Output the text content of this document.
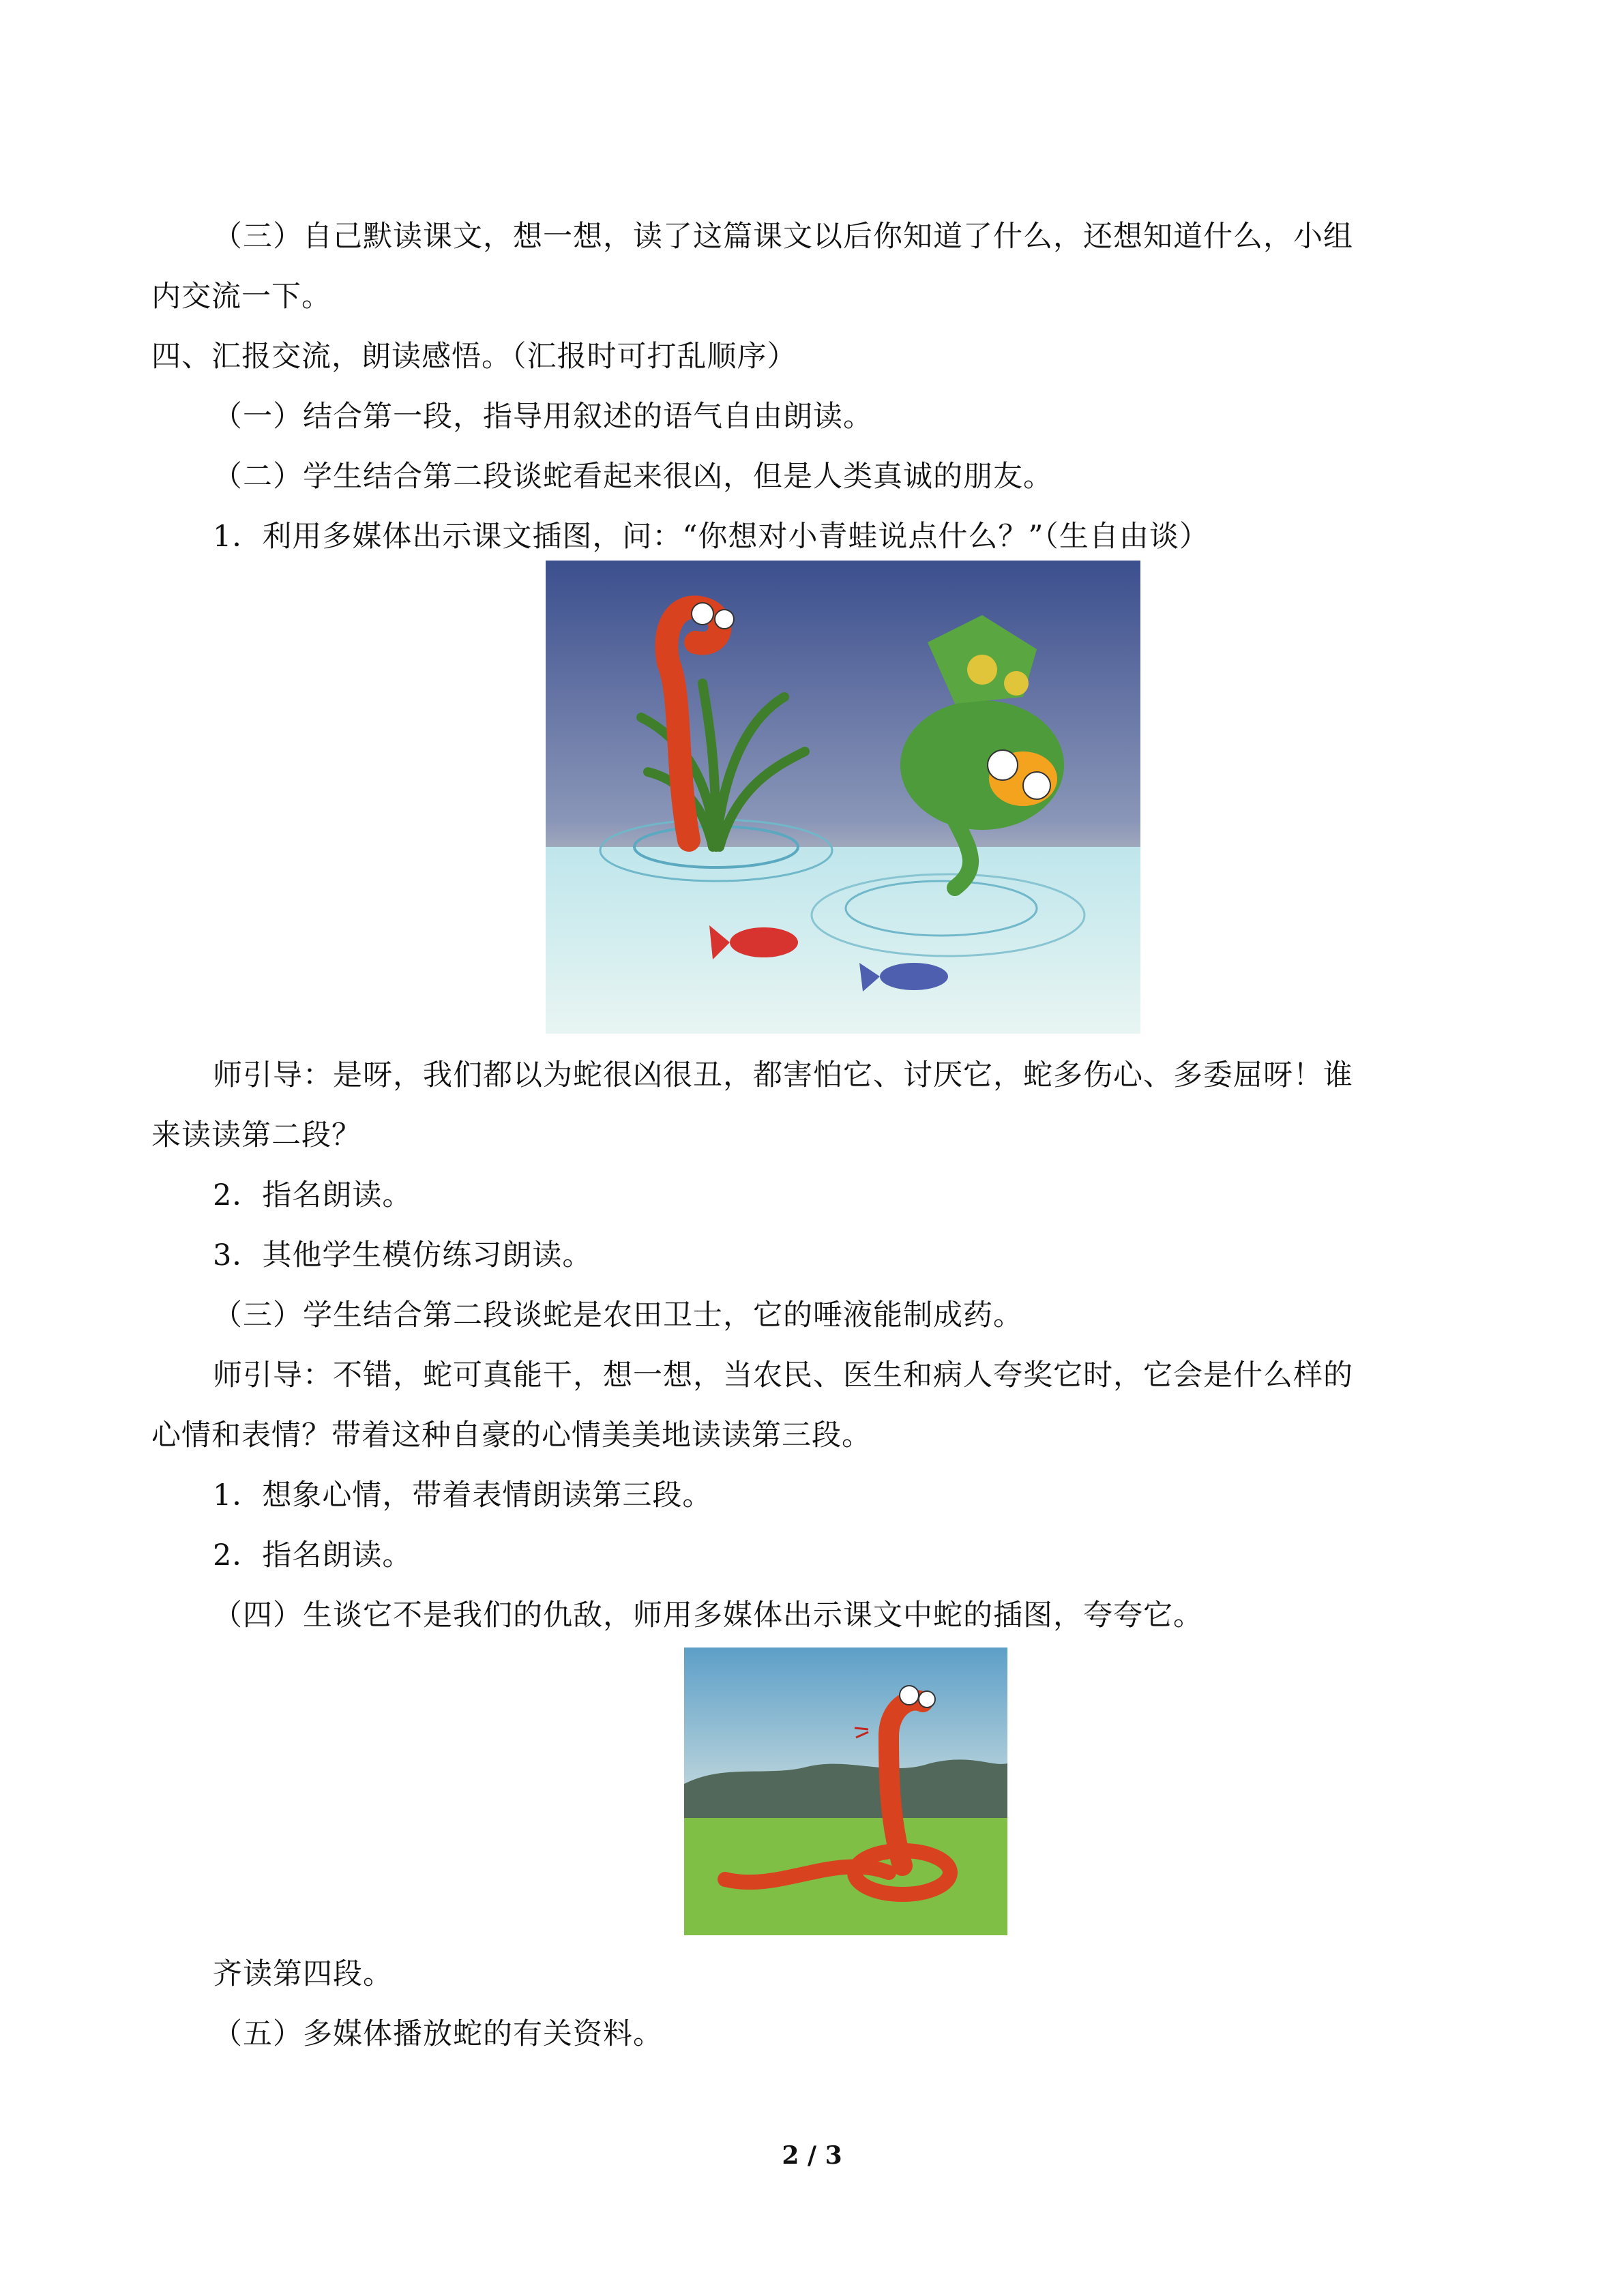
（三）自己默读课文，想一想，读了这篇课文以后你知道了什么，还想知道什么，小组
内交流一下。
四、汇报交流，朗读感悟。（汇报时可打乱顺序）
（一）结合第一段，指导用叙述的语气自由朗读。
（二）学生结合第二段谈蛇看起来很凶，但是人类真诚的朋友。
1．利用多媒体出示课文插图，问：“你想对小青蛙说点什么？”（生自由谈）
师引导：是呀，我们都以为蛇很凶很丑，都害怕它、讨厌它，蛇多伤心、多委屈呀！谁
来读读第二段？
2．指名朗读。
3．其他学生模仿练习朗读。
（三）学生结合第二段谈蛇是农田卫士，它的唾液能制成药。
师引导：不错，蛇可真能干，想一想，当农民、医生和病人夸奖它时，它会是什么样的
心情和表情？带着这种自豪的心情美美地读读第三段。
1．想象心情，带着表情朗读第三段。
2．指名朗读。
（四）生谈它不是我们的仇敌，师用多媒体出示课文中蛇的插图，夸夸它。
齐读第四段。
（五）多媒体播放蛇的有关资料。
2 / 3
